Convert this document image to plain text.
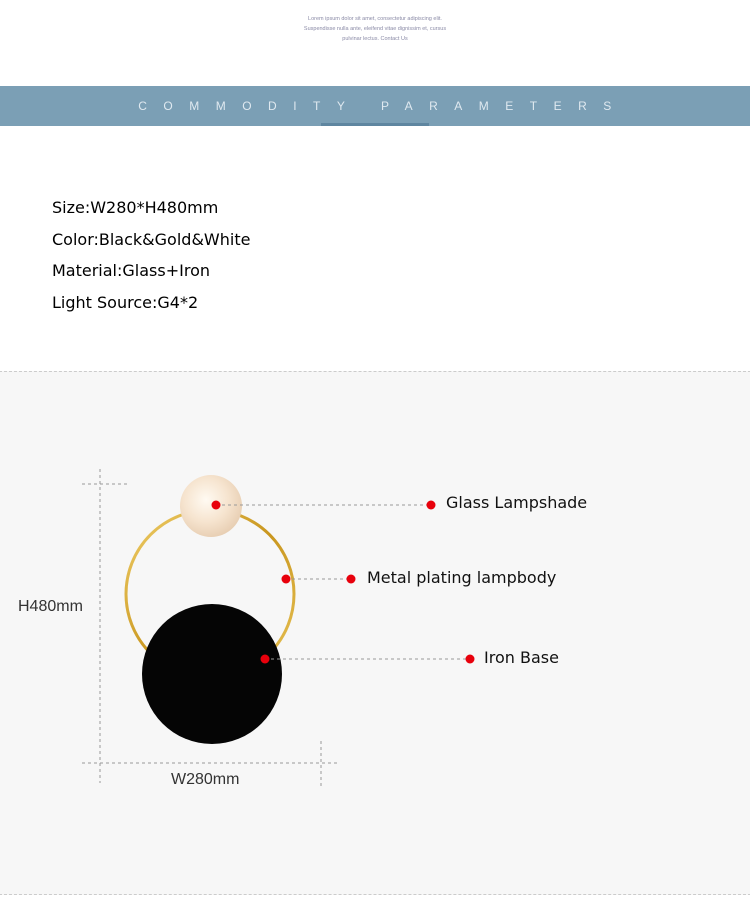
Lorem ipsum dolor sit amet, consectetur adipiscing elit.
Suspendisse nulla ante, eleifend vitae dignissim et, cursus
pulvinar lectus. Contact Us
COMMODITY PARAMETERS
Size:W280*H480mm
Color:Black&Gold&White
Material:Glass+Iron
Light Source:G4*2
H480mm
W280mm
Glass Lampshade
Metal plating lampbody
Iron Base
